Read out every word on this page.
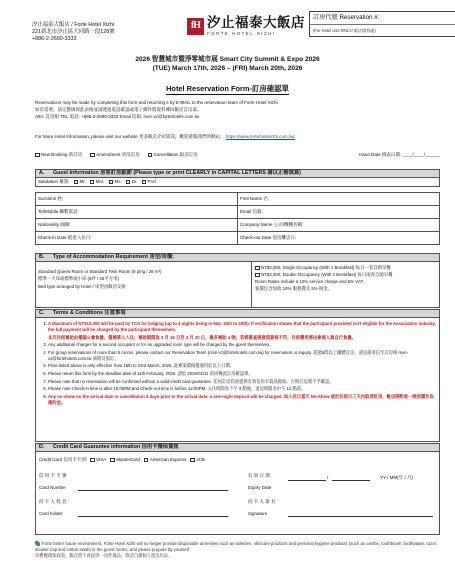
汐止福泰大飯店 / Forte Hotel Xizhi
221新北市汐止區大同路一段128號
+886-2-2690-3333
fH 汐止福泰大飯店
FORTE HOTEL XIZHI
訂房代號 Reservation #:
(For Hotel Use ONLY/ 飯店填寫處)
2026 智慧城市暨淨零城市展 Smart City Summit & Expo 2026
(TUE) March 17th, 2026 – (FRI) March 20th, 2026
Hotel Reservation Form-訂房確認單
Reservations may be made by completing this form and returning it by E-MAIL to the reservation team of Forte Hotel Xizhi.
如有需要，請完整填寫此表格並請透過電話確認或電子郵件將資料傳回飯店訂房部。
Attn: 訂房組 TEL 電話: +886-2-2690-3333 Email 信箱: rsvn-xz@fortehotels.com.tw
For More Hotel Information, please visit our website 更多飯店介紹資訊，歡迎蒞臨我們的網站： https://www.fortehotelxizhi.com.tw/
New Booking 新訂房	Amendment 更改訂房	Cancellation 取消訂房	Issue Date 填表日期: ____/____/______
A.	Guest Information 房客訂房細節 (Please type or print CLEARLY in CAPITAL LETTERS 請以正楷填寫)
Salutation 稱謂: Mr. Mrs. Ms. Dr. Prof.
Surname 姓:	First Name 名:
Tel/Mobile 聯繫電話:	Email 信箱:
Nationality 國籍:	Company Name 公司/機構名稱:
Check-in Date 抵達入住日:	Check-out Date 退房離店日:
B.	Type of Accommodation Requirement 房型/房價:
Standard Queen Room or Standard Twin Room (8 ping / 26 m²)
標準一大床或標準兩小床 (8坪 / 26平方米)
Bed type arranged by Hotel / 床型由飯店安排
NT$3,000, Single Occupancy (With 1 Breakfast) 每日一客自助早餐
NT$3,400, Double Occupancy (With 2 Breakfast) 每日兩客自助早餐
Room Rates include a 10% service charge and 5% VAT.
報價包含加收 10% 服務費及 5% 稅金。
C.	Terms & Conditions 注意事項
1. A Maximum of NT$12,000 will be paid by TCA for lodging (up to 4 nights being in Mar. 16th to 20th). If verification shows that the participant provided isn't eligible for the Association subsidy, the full payment will be charged by the participant themselves.
本次住宿補助由電腦公會負擔，僅補單人入住；補助期間為 3 月 16 日至 3 月 20 日，最多補助 4 晚；若經審查後發現資格不符，住宿費用將由參展人員自行負擔。
3. Any additional charges for a second occupant or for an upgraded room type will be charged by the guest themselves.
4. For group reservations of more than 5 rooms, please contact our Reservation Team (rsvn-xz@fortehotels.com.tw) for reservation or inquiry. 超過5間以上團體訂房，請直接寄信至訂房組 rsvn-xz@fortehotels.com.tw 詢問及預訂。
5. Price listed above is only effective from 15th to 23rd March, 2026. 此專案價格僅適用於以上日期。
6. Please return this form by the deadline date of 11th February, 2026. 請於 2026/02/11 前回傳此訂房確認單。
7. Please note that no reservation will be confirmed without a valid credit card guarantee. 任何訂房均須提供有效信用卡資訊擔保，否則訂房將不予確認。
8. Please note Check-in time is after 15:00PM and Check-out time is before 12:00PM. 入住時間為下午 3 點後，退房時間為中午 12 點前。
9. Any no-show on the arrival date or cancellation 3 days prior to the arrival date, a one-night deposit will be charged. 如入住日當天 No-Show 或於住宿日三天內取消訂房，飯店將酌收一晚房價作為違約金。
D.	Credit Card Guarantee information 信用卡擔保資訊
Credit Card 信用卡卡別:	VISA	MasterCard	American Express	JCB
信 用 卡 卡 號
Card Number
持 卡 人 姓 名
Card holder
有 效 日 期
Expiry Date
/	YY / MM(年 / 月)
持 卡 人 簽 名
Signature
Forte better future environment, Forte Hotel Xizhi will no longer provide disposable amenities such as toiletries, skincare products and personal hygiene products (such as combs, toothbrush, toothpaste, razor, shower cap and cotton swab) in the guest rooms, and please prepare by yourself.
為響應環保政策，飯店將不再提供一次性備品，敬請自備個人盥洗用品。
